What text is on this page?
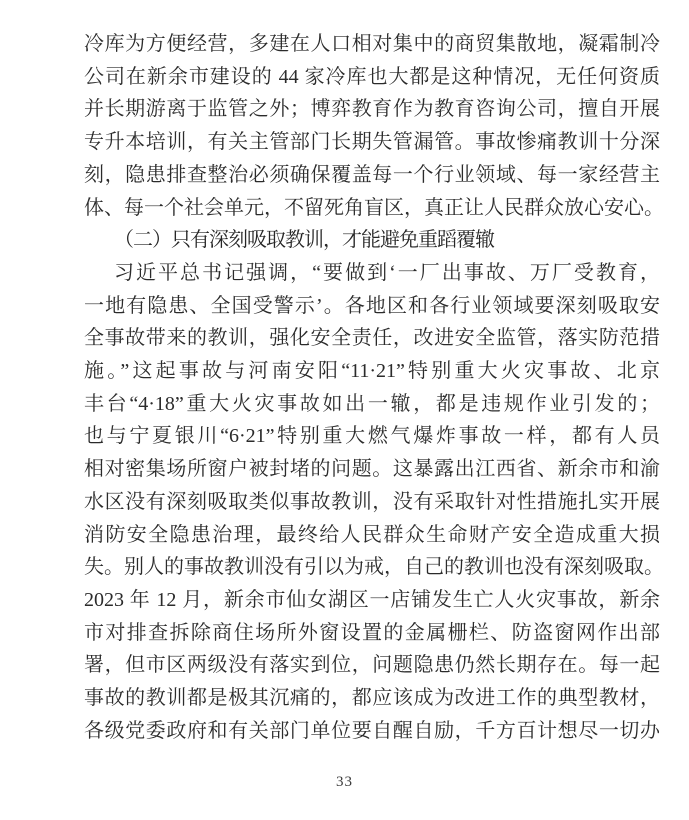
冷库为方便经营，多建在人口相对集中的商贸集散地，凝霜制冷
公司在新余市建设的 44 家冷库也大都是这种情况，无任何资质
并长期游离于监管之外；博弈教育作为教育咨询公司，擅自开展
专升本培训，有关主管部门长期失管漏管。事故惨痛教训十分深
刻，隐患排查整治必须确保覆盖每一个行业领域、每一家经营主
体、每一个社会单元，不留死角盲区，真正让人民群众放心安心。
（二）只有深刻吸取教训，才能避免重蹈覆辙
习近平总书记强调，“要做到‘一厂出事故、万厂受教育，
一地有隐患、全国受警示’。各地区和各行业领域要深刻吸取安
全事故带来的教训，强化安全责任，改进安全监管，落实防范措
施。”这起事故与河南安阳“11·21”特别重大火灾事故、北京
丰台“4·18”重大火灾事故如出一辙，都是违规作业引发的；
也与宁夏银川“6·21”特别重大燃气爆炸事故一样，都有人员
相对密集场所窗户被封堵的问题。这暴露出江西省、新余市和渝
水区没有深刻吸取类似事故教训，没有采取针对性措施扎实开展
消防安全隐患治理，最终给人民群众生命财产安全造成重大损
失。别人的事故教训没有引以为戒，自己的教训也没有深刻吸取。
2023 年 12 月，新余市仙女湖区一店铺发生亡人火灾事故，新余
市对排查拆除商住场所外窗设置的金属栅栏、防盗窗网作出部
署，但市区两级没有落实到位，问题隐患仍然长期存在。每一起
事故的教训都是极其沉痛的，都应该成为改进工作的典型教材，
各级党委政府和有关部门单位要自醒自励，千方百计想尽一切办
33
